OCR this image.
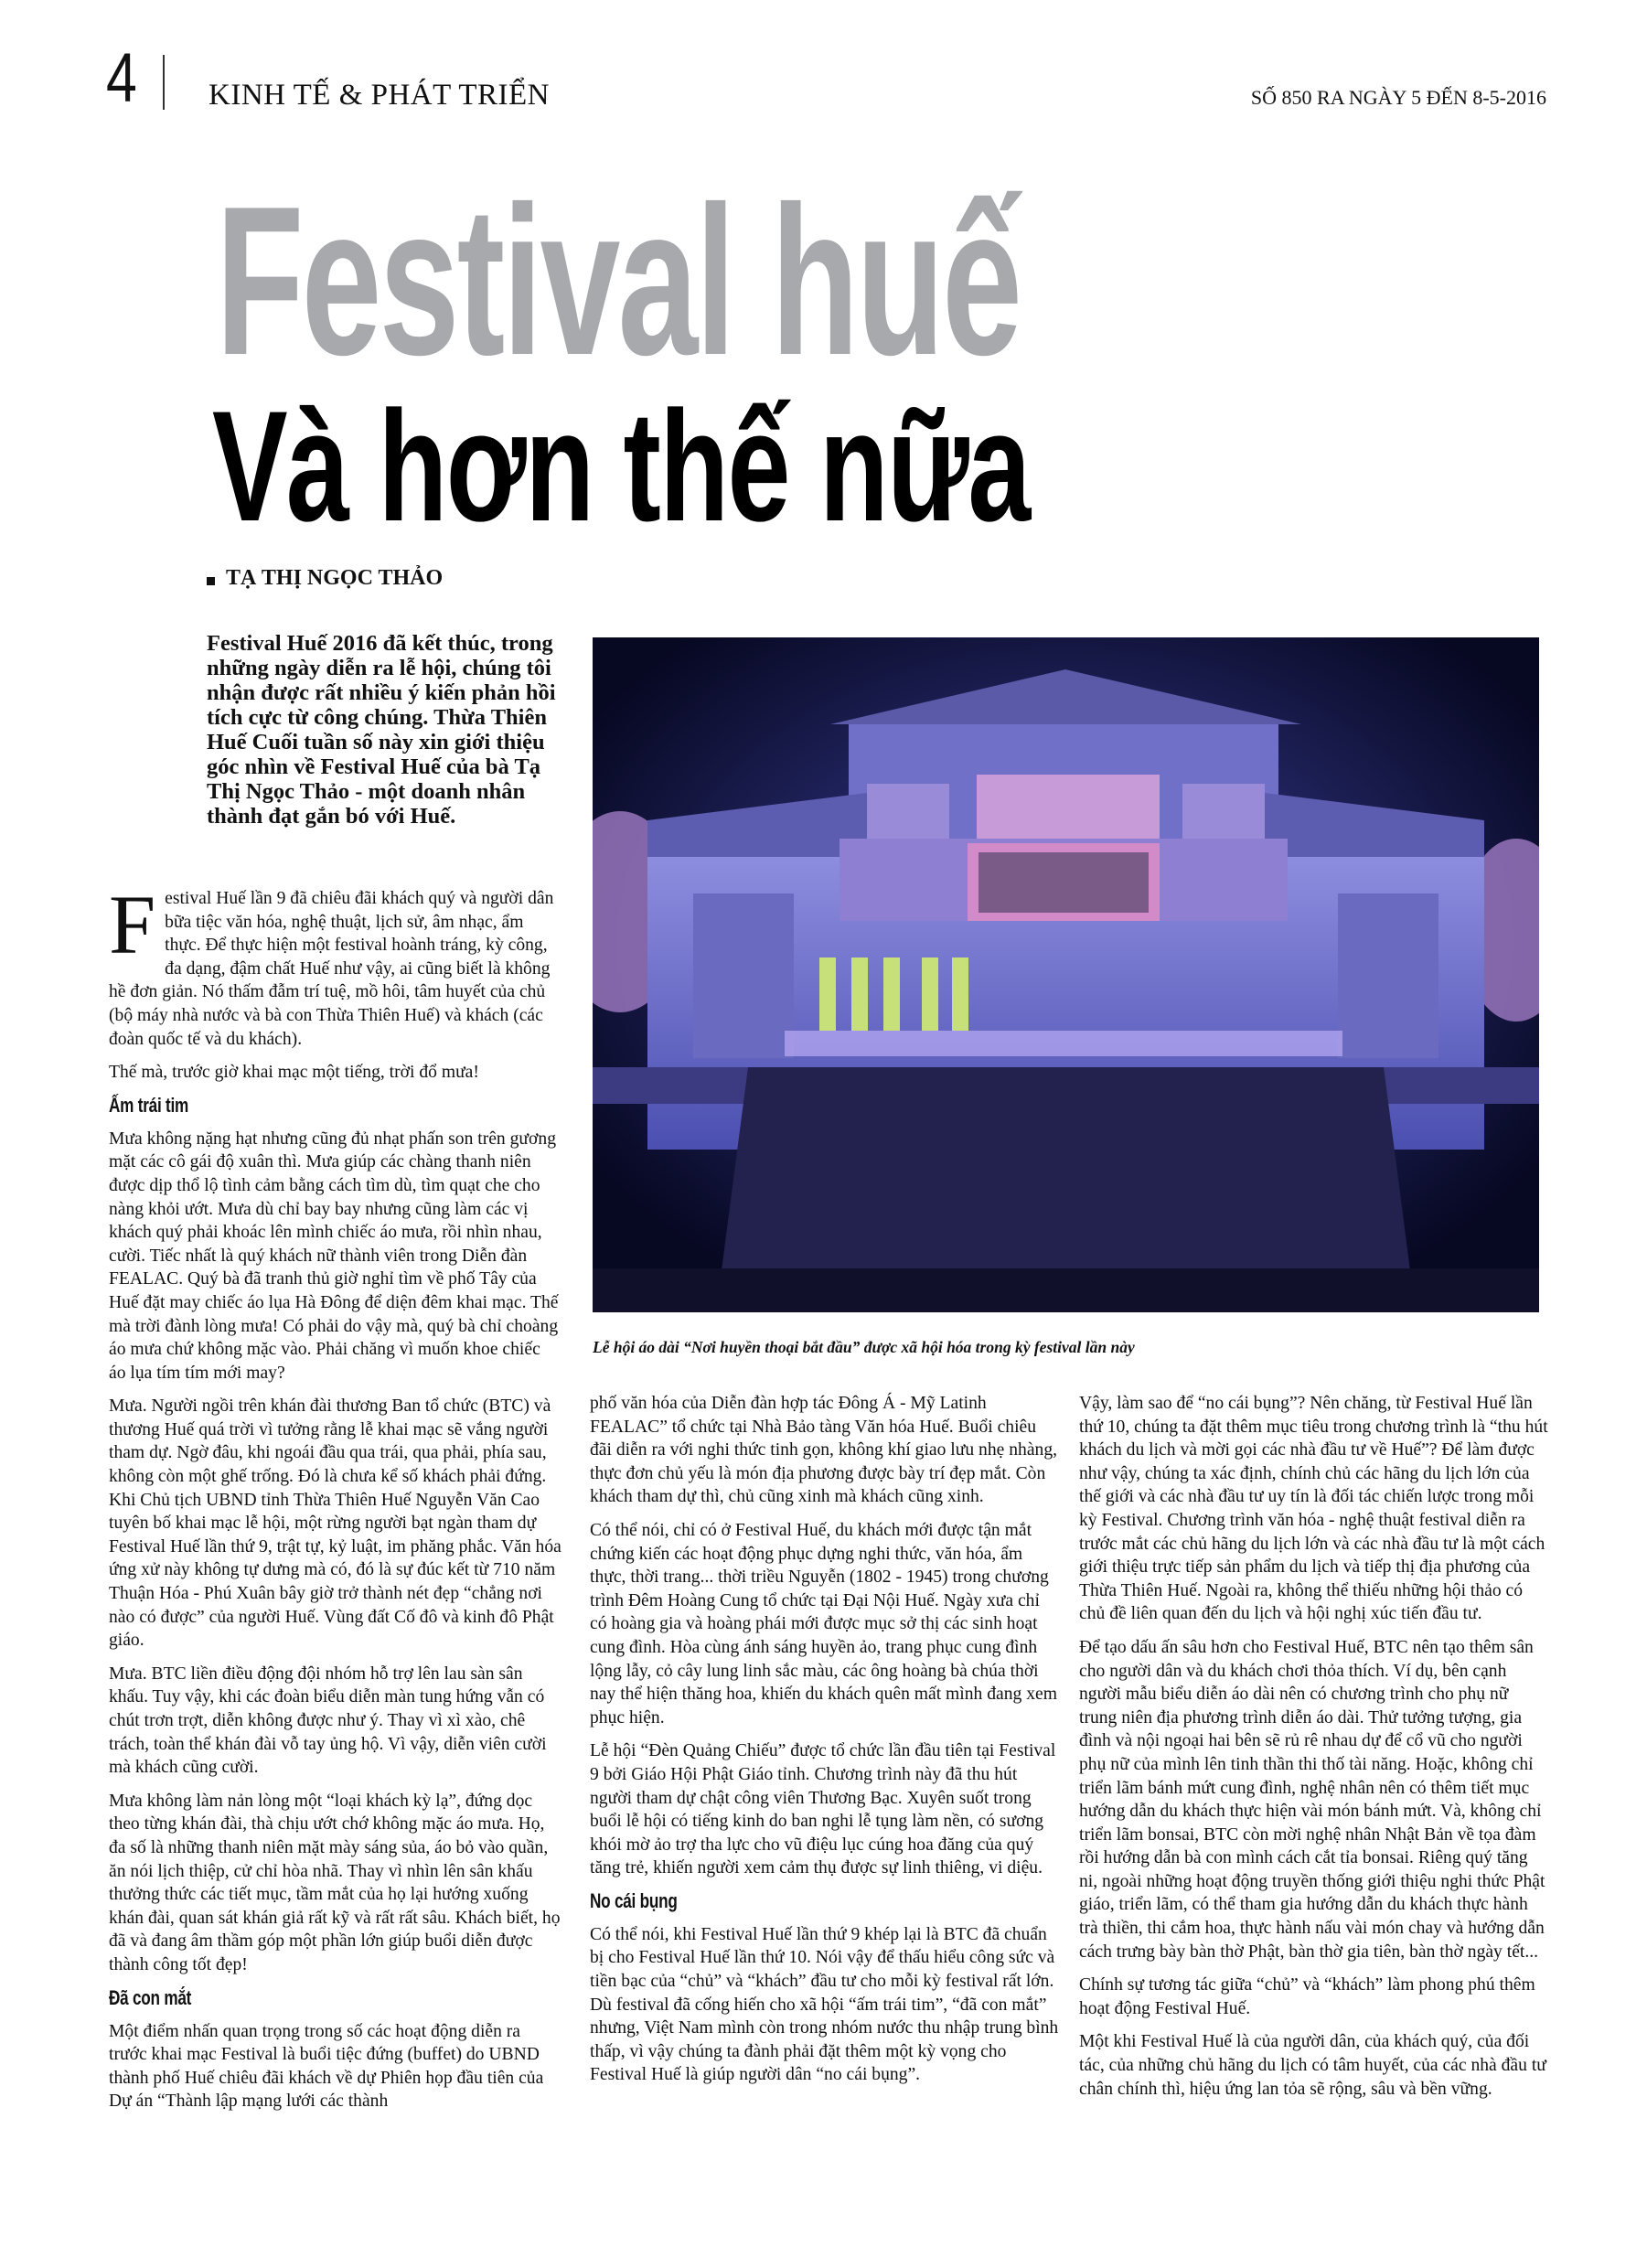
4 KINH TẾ & PHÁT TRIỂN	SỐ 850 RA NGÀY 5 ĐẾN 8-5-2016
Festival huế
Và hơn thế nữa
TẠ THỊ NGỌC THẢO
Festival Huế 2016 đã kết thúc, trong những ngày diễn ra lễ hội, chúng tôi nhận được rất nhiều ý kiến phản hồi tích cực từ công chúng. Thừa Thiên Huế Cuối tuần số này xin giới thiệu góc nhìn về Festival Huế của bà Tạ Thị Ngọc Thảo - một doanh nhân thành đạt gắn bó với Huế.
Lễ hội áo dài “Nơi huyền thoại bắt đầu” được xã hội hóa trong kỳ festival lần này

Festival Huế lần 9 đã chiêu đãi khách quý và người dân bữa tiệc văn hóa, nghệ thuật, lịch sử, âm nhạc, ẩm thực. Để thực hiện một festival hoành tráng, kỳ công, đa dạng, đậm chất Huế như vậy, ai cũng biết là không hề đơn giản. Nó thấm đẫm trí tuệ, mồ hôi, tâm huyết của chủ (bộ máy nhà nước và bà con Thừa Thiên Huế) và khách (các đoàn quốc tế và du khách).

Thế mà, trước giờ khai mạc một tiếng, trời đổ mưa!

Ấm trái tim

Mưa không nặng hạt nhưng cũng đủ nhạt phấn son trên gương mặt các cô gái độ xuân thì. Mưa giúp các chàng thanh niên được dịp thổ lộ tình cảm bằng cách tìm dù, tìm quạt che cho nàng khỏi ướt. Mưa dù chỉ bay bay nhưng cũng làm các vị khách quý phải khoác lên mình chiếc áo mưa, rồi nhìn nhau, cười. Tiếc nhất là quý khách nữ thành viên trong Diễn đàn FEALAC. Quý bà đã tranh thủ giờ nghỉ tìm về phố Tây của Huế đặt may chiếc áo lụa Hà Đông để diện đêm khai mạc. Thế mà trời đành lòng mưa! Có phải do vậy mà, quý bà chỉ choàng áo mưa chứ không mặc vào. Phải chăng vì muốn khoe chiếc áo lụa tím tím mới may?

Mưa. Người ngồi trên khán đài thương Ban tổ chức (BTC) và thương Huế quá trời vì tưởng rằng lễ khai mạc sẽ vắng người tham dự. Ngờ đâu, khi ngoái đầu qua trái, qua phải, phía sau, không còn một ghế trống. Đó là chưa kể số khách phải đứng. Khi Chủ tịch UBND tỉnh Thừa Thiên Huế Nguyễn Văn Cao tuyên bố khai mạc lễ hội, một rừng người bạt ngàn tham dự Festival Huế lần thứ 9, trật tự, kỷ luật, im phăng phắc. Văn hóa ứng xử này không tự dưng mà có, đó là sự đúc kết từ 710 năm Thuận Hóa - Phú Xuân bây giờ trở thành nét đẹp “chẳng nơi nào có được” của người Huế. Vùng đất Cố đô và kinh đô Phật giáo.

Mưa. BTC liền điều động đội nhóm hỗ trợ lên lau sàn sân khấu. Tuy vậy, khi các đoàn biểu diễn màn tung hứng vẫn có chút trơn trợt, diễn không được như ý. Thay vì xì xào, chê trách, toàn thể khán đài vỗ tay ủng hộ. Vì vậy, diễn viên cười mà khách cũng cười.

Mưa không làm nản lòng một “loại khách kỳ lạ”, đứng dọc theo từng khán đài, thà chịu ướt chớ không mặc áo mưa. Họ, đa số là những thanh niên mặt mày sáng sủa, áo bỏ vào quần, ăn nói lịch thiệp, cử chỉ hòa nhã. Thay vì nhìn lên sân khấu thưởng thức các tiết mục, tầm mắt của họ lại hướng xuống khán đài, quan sát khán giả rất kỹ và rất rất sâu. Khách biết, họ đã và đang âm thầm góp một phần lớn giúp buổi diễn được thành công tốt đẹp!

Đã con mắt

Một điểm nhấn quan trọng trong số các hoạt động diễn ra trước khai mạc Festival là buổi tiệc đứng (buffet) do UBND thành phố Huế chiêu đãi khách về dự Phiên họp đầu tiên của Dự án “Thành lập mạng lưới các thành

phố văn hóa của Diễn đàn hợp tác Đông Á - Mỹ Latinh FEALAC” tổ chức tại Nhà Bảo tàng Văn hóa Huế. Buổi chiêu đãi diễn ra với nghi thức tinh gọn, không khí giao lưu nhẹ nhàng, thực đơn chủ yếu là món địa phương được bày trí đẹp mắt. Còn khách tham dự thì, chủ cũng xinh mà khách cũng xinh.

Có thể nói, chỉ có ở Festival Huế, du khách mới được tận mắt chứng kiến các hoạt động phục dựng nghi thức, văn hóa, ẩm thực, thời trang... thời triều Nguyễn (1802 - 1945) trong chương trình Đêm Hoàng Cung tổ chức tại Đại Nội Huế. Ngày xưa chỉ có hoàng gia và hoàng phái mới được mục sở thị các sinh hoạt cung đình. Hòa cùng ánh sáng huyền ảo, trang phục cung đình lộng lẫy, cỏ cây lung linh sắc màu, các ông hoàng bà chúa thời nay thể hiện thăng hoa, khiến du khách quên mất mình đang xem phục hiện.

Lễ hội “Đèn Quảng Chiếu” được tổ chức lần đầu tiên tại Festival 9 bởi Giáo Hội Phật Giáo tỉnh. Chương trình này đã thu hút người tham dự chật công viên Thương Bạc. Xuyên suốt trong buổi lễ hội có tiếng kinh do ban nghi lễ tụng làm nền, có sương khói mờ ảo trợ tha lực cho vũ điệu lục cúng hoa đăng của quý tăng trẻ, khiến người xem cảm thụ được sự linh thiêng, vi diệu.

No cái bụng

Có thể nói, khi Festival Huế lần thứ 9 khép lại là BTC đã chuẩn bị cho Festival Huế lần thứ 10. Nói vậy để thấu hiểu công sức và tiền bạc của “chủ” và “khách” đầu tư cho mỗi kỳ festival rất lớn. Dù festival đã cống hiến cho xã hội “ấm trái tim”, “đã con mắt” nhưng, Việt Nam mình còn trong nhóm nước thu nhập trung bình thấp, vì vậy chúng ta đành phải đặt thêm một kỳ vọng cho Festival Huế là giúp người dân “no cái bụng”.

Vậy, làm sao để “no cái bụng”? Nên chăng, từ Festival Huế lần thứ 10, chúng ta đặt thêm mục tiêu trong chương trình là “thu hút khách du lịch và mời gọi các nhà đầu tư về Huế”? Để làm được như vậy, chúng ta xác định, chính chủ các hãng du lịch lớn của thế giới và các nhà đầu tư uy tín là đối tác chiến lược trong mỗi kỳ Festival. Chương trình văn hóa - nghệ thuật festival diễn ra trước mắt các chủ hãng du lịch lớn và các nhà đầu tư là một cách giới thiệu trực tiếp sản phẩm du lịch và tiếp thị địa phương của Thừa Thiên Huế. Ngoài ra, không thể thiếu những hội thảo có chủ đề liên quan đến du lịch và hội nghị xúc tiến đầu tư.

Để tạo dấu ấn sâu hơn cho Festival Huế, BTC nên tạo thêm sân cho người dân và du khách chơi thỏa thích. Ví dụ, bên cạnh người mẫu biểu diễn áo dài nên có chương trình cho phụ nữ trung niên địa phương trình diễn áo dài. Thử tưởng tượng, gia đình và nội ngoại hai bên sẽ rủ rê nhau dự để cổ vũ cho người phụ nữ của mình lên tinh thần thi thố tài năng. Hoặc, không chỉ triển lãm bánh mứt cung đình, nghệ nhân nên có thêm tiết mục hướng dẫn du khách thực hiện vài món bánh mứt. Và, không chỉ triển lãm bonsai, BTC còn mời nghệ nhân Nhật Bản về tọa đàm rồi hướng dẫn bà con mình cách cắt tỉa bonsai. Riêng quý tăng ni, ngoài những hoạt động truyền thống giới thiệu nghi thức Phật giáo, triển lãm, có thể tham gia hướng dẫn du khách thực hành trà thiền, thi cắm hoa, thực hành nấu vài món chay và hướng dẫn cách trưng bày bàn thờ Phật, bàn thờ gia tiên, bàn thờ ngày tết...

Chính sự tương tác giữa “chủ” và “khách” làm phong phú thêm hoạt động Festival Huế.

Một khi Festival Huế là của người dân, của khách quý, của đối tác, của những chủ hãng du lịch có tâm huyết, của các nhà đầu tư chân chính thì, hiệu ứng lan tỏa sẽ rộng, sâu và bền vững.
